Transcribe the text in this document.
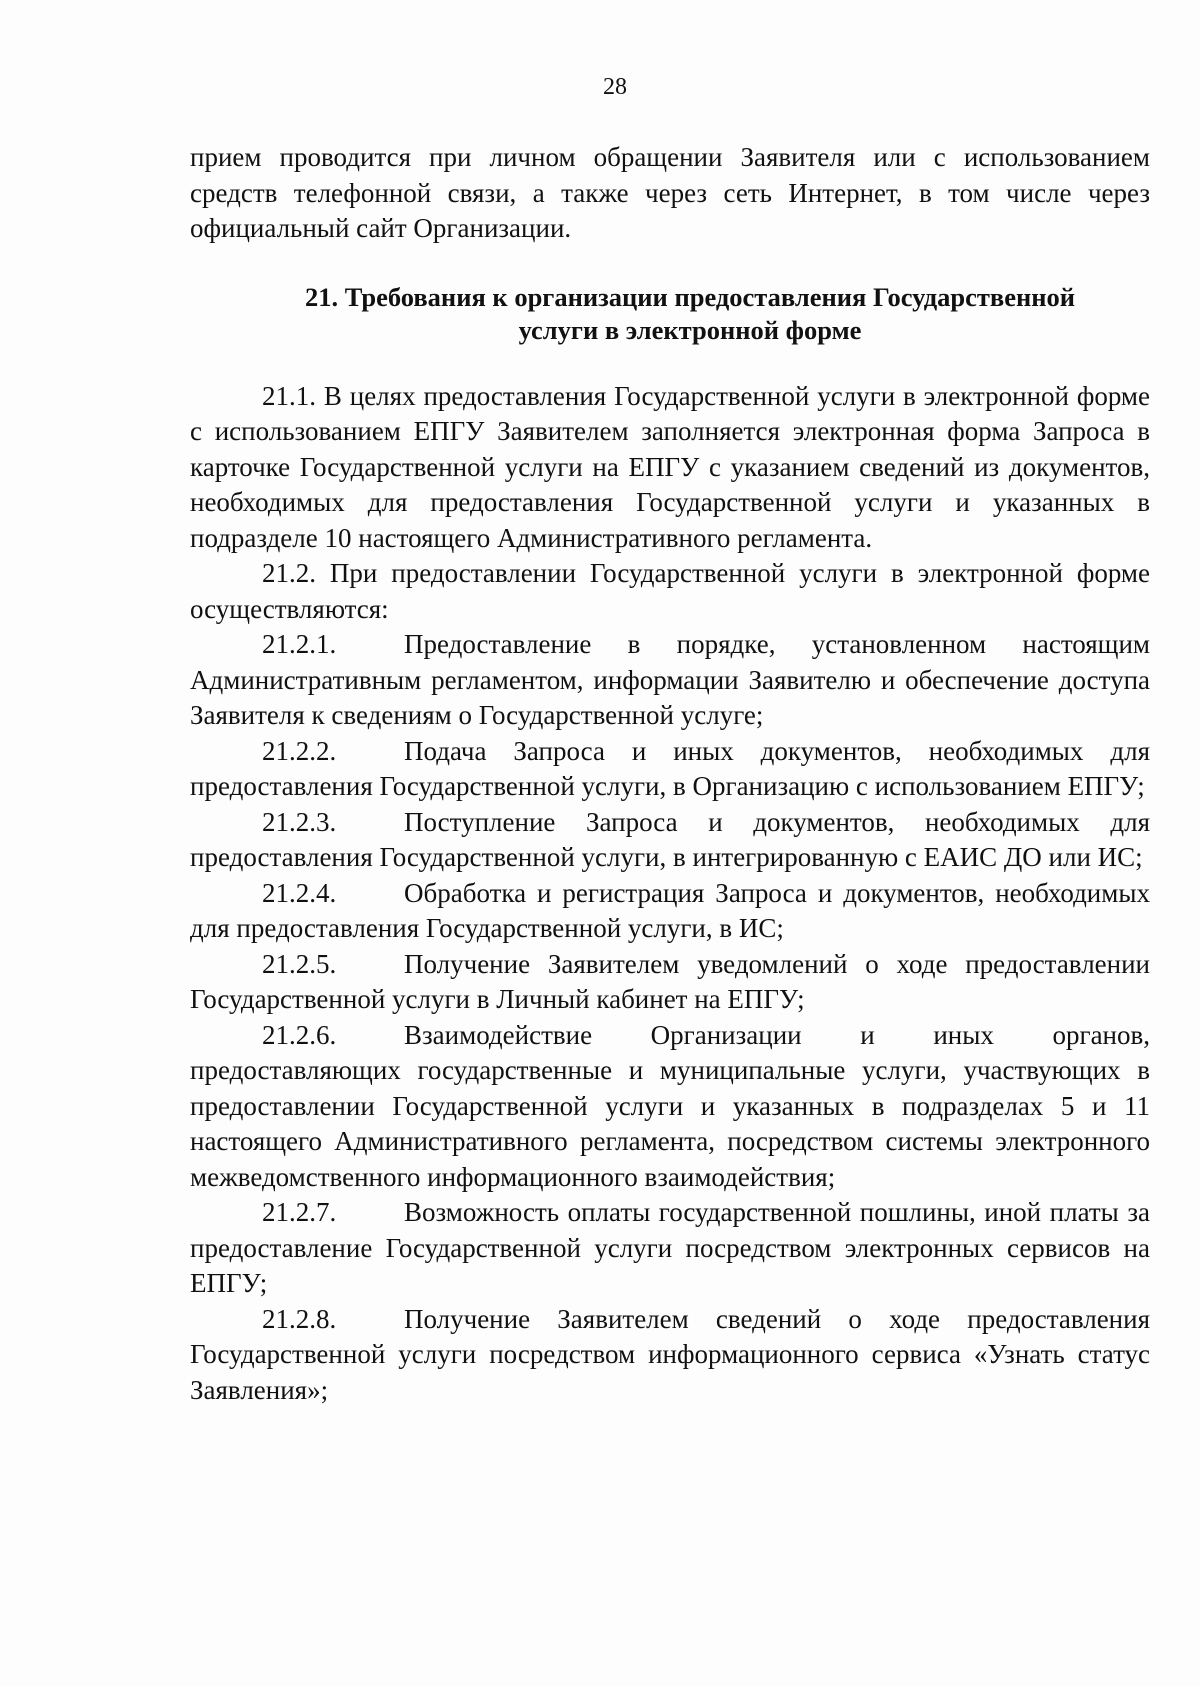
28

прием проводится при личном обращении Заявителя или с использованием средств телефонной связи, а также через сеть Интернет, в том числе через официальный сайт Организации.

21. Требования к организации предоставления Государственной
услуги в электронной форме

21.1. В целях предоставления Государственной услуги в электронной форме с использованием ЕПГУ Заявителем заполняется электронная форма Запроса в карточке Государственной услуги на ЕПГУ с указанием сведений из документов, необходимых для предоставления Государственной услуги и указанных в подразделе 10 настоящего Административного регламента.

21.2. При предоставлении Государственной услуги в электронной форме осуществляются:

21.2.1.	Предоставление в порядке, установленном настоящим Административным регламентом, информации Заявителю и обеспечение доступа Заявителя к сведениям о Государственной услуге;

21.2.2.	Подача Запроса и иных документов, необходимых для предоставления Государственной услуги, в Организацию с использованием ЕПГУ;

21.2.3.	Поступление Запроса и документов, необходимых для предоставления Государственной услуги, в интегрированную с ЕАИС ДО или ИС;

21.2.4.	Обработка и регистрация Запроса и документов, необходимых для предоставления Государственной услуги, в ИС;

21.2.5.	Получение Заявителем уведомлений о ходе предоставлении Государственной услуги в Личный кабинет на ЕПГУ;

21.2.6.	Взаимодействие Организации и иных органов, предоставляющих государственные и муниципальные услуги, участвующих в предоставлении Государственной услуги и указанных в подразделах 5 и 11 настоящего Административного регламента, посредством системы электронного межведомственного информационного взаимодействия;

21.2.7.	Возможность оплаты государственной пошлины, иной платы за предоставление Государственной услуги посредством электронных сервисов на ЕПГУ;

21.2.8.	Получение Заявителем сведений о ходе предоставления Государственной услуги посредством информационного сервиса «Узнать статус Заявления»;
